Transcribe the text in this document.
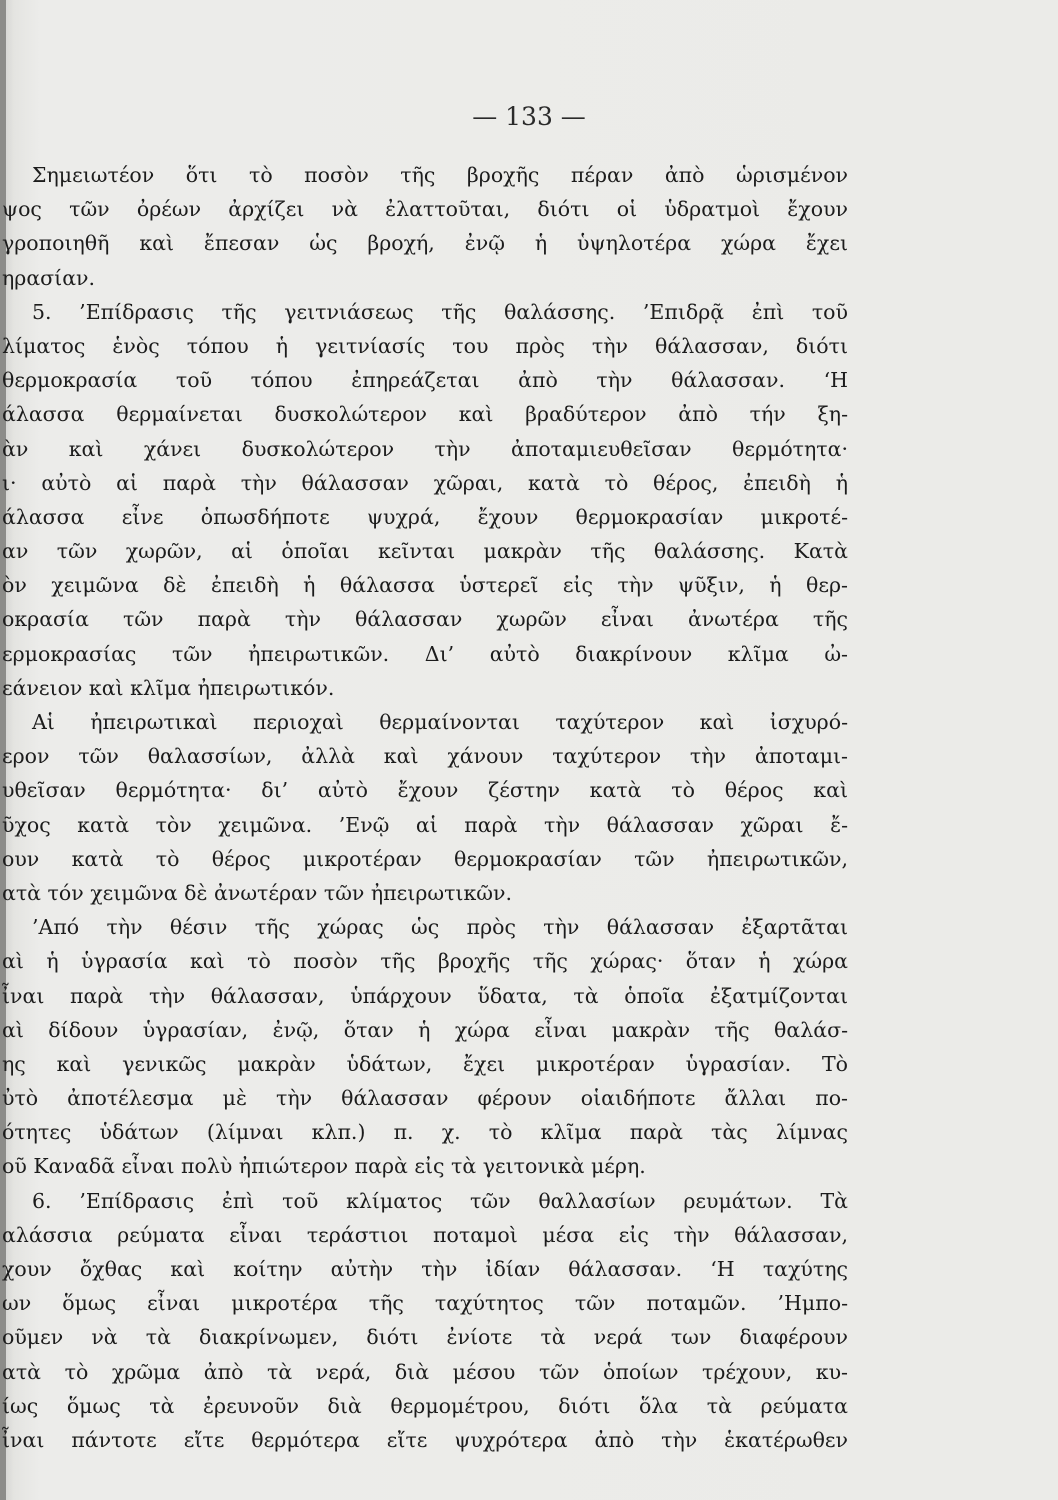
— 133 —
Σημειωτέον ὅτι τὸ ποσὸν τῆς βροχῆς πέραν ἀπὸ ὡρισμένον
ψος τῶν ὀρέων ἀρχίζει νὰ ἐλαττοῦται, διότι οἱ ὑδρατμοὶ ἔχουν
γροποιηθῆ καὶ ἔπεσαν ὡς βροχή, ἐνῷ ἡ ὑψηλοτέρα χώρα ἔχει
ηρασίαν.
5. ’Επίδρασις τῆς γειτνιάσεως τῆς θαλάσσης. ’Επιδρᾷ ἐπὶ τοῦ
λίματος ἑνὸς τόπου ἡ γειτνίασίς του πρὸς τὴν θάλασσαν, διότι
θερμοκρασία τοῦ τόπου ἐπηρεάζεται ἀπὸ τὴν θάλασσαν. ‘Η
άλασσα θερμαίνεται δυσκολώτερον καὶ βραδύτερον ἀπὸ τήν ξη-
ὰν καὶ χάνει δυσκολώτερον τὴν ἀποταμιευθεῖσαν θερμότητα·
ι· αὐτὸ αἱ παρὰ τὴν θάλασσαν χῶραι, κατὰ τὸ θέρος, ἐπειδὴ ἡ
άλασσα εἶνε ὁπωσδήποτε ψυχρά, ἔχουν θερμοκρασίαν μικροτέ-
αν τῶν χωρῶν, αἱ ὁποῖαι κεῖνται μακρὰν τῆς θαλάσσης. Κατὰ
ὸν χειμῶνα δὲ ἐπειδὴ ἡ θάλασσα ὑστερεῖ εἰς τὴν ψῦξιν, ἡ θερ-
οκρασία τῶν παρὰ τὴν θάλασσαν χωρῶν εἶναι ἀνωτέρα τῆς
ερμοκρασίας τῶν ἠπειρωτικῶν. Δι’ αὐτὸ διακρίνουν κλῖμα ὠ-
εάνειον καὶ κλῖμα ἠπειρωτικόν.
Αἱ ἠπειρωτικαὶ περιοχαὶ θερμαίνονται ταχύτερον καὶ ἰσχυρό-
ερον τῶν θαλασσίων, ἀλλὰ καὶ χάνουν ταχύτερον τὴν ἀποταμι-
υθεῖσαν θερμότητα· δι’ αὐτὸ ἔχουν ζέστην κατὰ τὸ θέρος καὶ
ῦχος κατὰ τὸν χειμῶνα. ’Ενῷ αἱ παρὰ τὴν θάλασσαν χῶραι ἔ-
ουν κατὰ τὸ θέρος μικροτέραν θερμοκρασίαν τῶν ἠπειρωτικῶν,
ατὰ τόν χειμῶνα δὲ ἀνωτέραν τῶν ἠπειρωτικῶν.
’Από τὴν θέσιν τῆς χώρας ὡς πρὸς τὴν θάλασσαν ἐξαρτᾶται
αὶ ἡ ὑγρασία καὶ τὸ ποσὸν τῆς βροχῆς τῆς χώρας· ὅταν ἡ χώρα
ἶναι παρὰ τὴν θάλασσαν, ὑπάρχουν ὕδατα, τὰ ὁποῖα ἐξατμίζονται
αὶ δίδουν ὑγρασίαν, ἐνῷ, ὅταν ἡ χώρα εἶναι μακρὰν τῆς θαλάσ-
ης καὶ γενικῶς μακρὰν ὑδάτων, ἔχει μικροτέραν ὑγρασίαν. Τὸ
ὐτὸ ἀποτέλεσμα μὲ τὴν θάλασσαν φέρουν οἱαιδήποτε ἄλλαι πο-
ότητες ὑδάτων (λίμναι κλπ.) π. χ. τὸ κλῖμα παρὰ τὰς λίμνας
οῦ Καναδᾶ εἶναι πολὺ ἠπιώτερον παρὰ εἰς τὰ γειτονικὰ μέρη.
6. ’Επίδρασις ἐπὶ τοῦ κλίματος τῶν θαλλασίων ρευμάτων. Τὰ
αλάσσια ρεύματα εἶναι τεράστιοι ποταμοὶ μέσα εἰς τὴν θάλασσαν,
χουν ὄχθας καὶ κοίτην αὐτὴν τὴν ἰδίαν θάλασσαν. ‘Η ταχύτης
ων ὅμως εἶναι μικροτέρα τῆς ταχύτητος τῶν ποταμῶν. ’Ημπο-
οῦμεν νὰ τὰ διακρίνωμεν, διότι ἐνίοτε τὰ νερά των διαφέρουν
ατὰ τὸ χρῶμα ἀπὸ τὰ νερά, διὰ μέσου τῶν ὁποίων τρέχουν, κυ-
ίως ὅμως τὰ ἐρευνοῦν διὰ θερμομέτρου, διότι ὅλα τὰ ρεύματα
ἶναι πάντοτε εἴτε θερμότερα εἴτε ψυχρότερα ἀπὸ τὴν ἑκατέρωθεν
